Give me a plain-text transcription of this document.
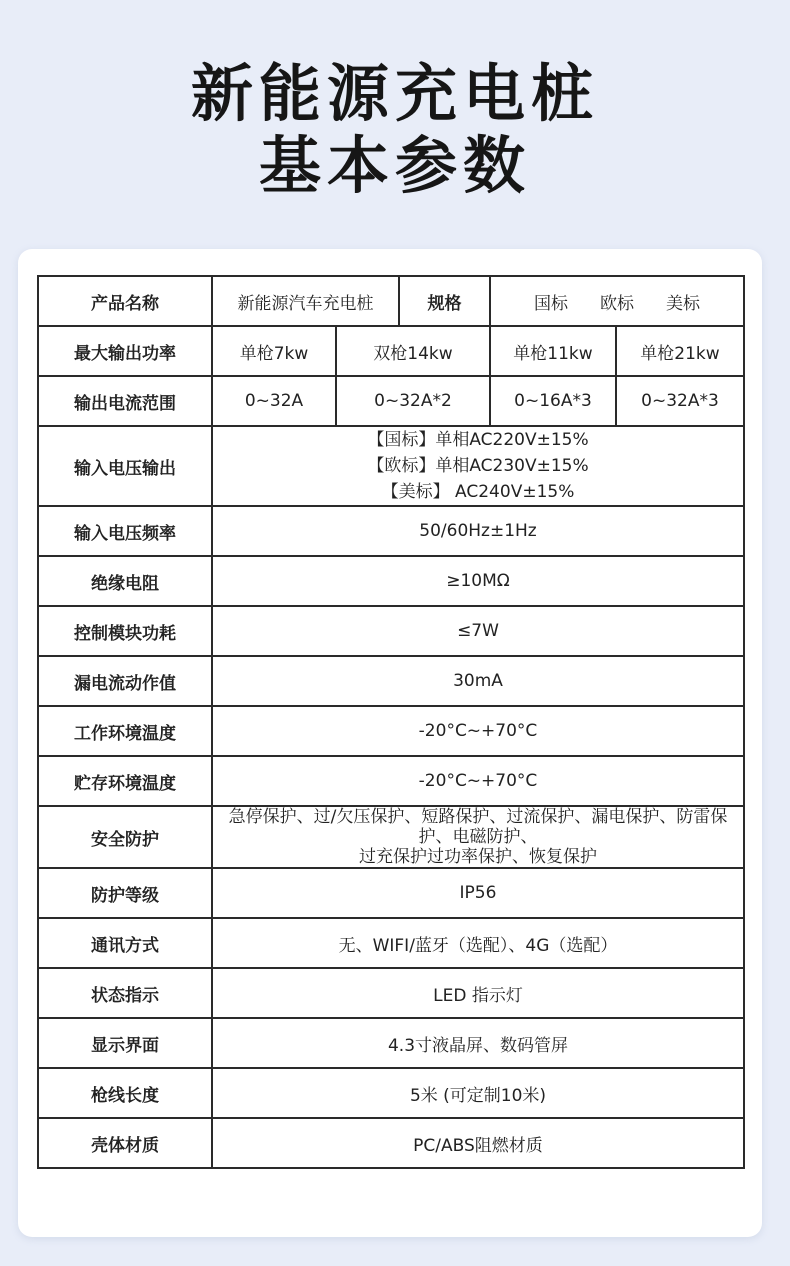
新能源充电桩
基本参数
产品名称	新能源汽车充电桩		规格	国标 欧标 美标	
最大输出功率	单枪7kw	双枪14kw		单枪11kw	单枪21kw
输出电流范围	0~32A	0~32A*2		0~16A*3	0~32A*3
输入电压输出	【国标】单相AC220V±15%
【欧标】单相AC230V±15%
【美标】 AC240V±15%				

输入电压频率	50/60Hz±1Hz				
绝缘电阻	≥10MΩ				
控制模块功耗	≤7W				
漏电流动作值	30mA				
工作环境温度	-20°C~+70°C				
贮存环境温度	-20°C~+70°C				
安全防护	急停保护、过/欠压保护、短路保护、过流保护、漏电保护、防雷保护、电磁防护、
过充保护过功率保护、恢复保护				

防护等级	IP56				
通讯方式	无、WIFI/蓝牙（选配）、4G（选配）				
状态指示	LED 指示灯				
显示界面	4.3寸液晶屏、数码管屏				
枪线长度	5米 (可定制10米)				
壳体材质	PC/ABS阻燃材质				
